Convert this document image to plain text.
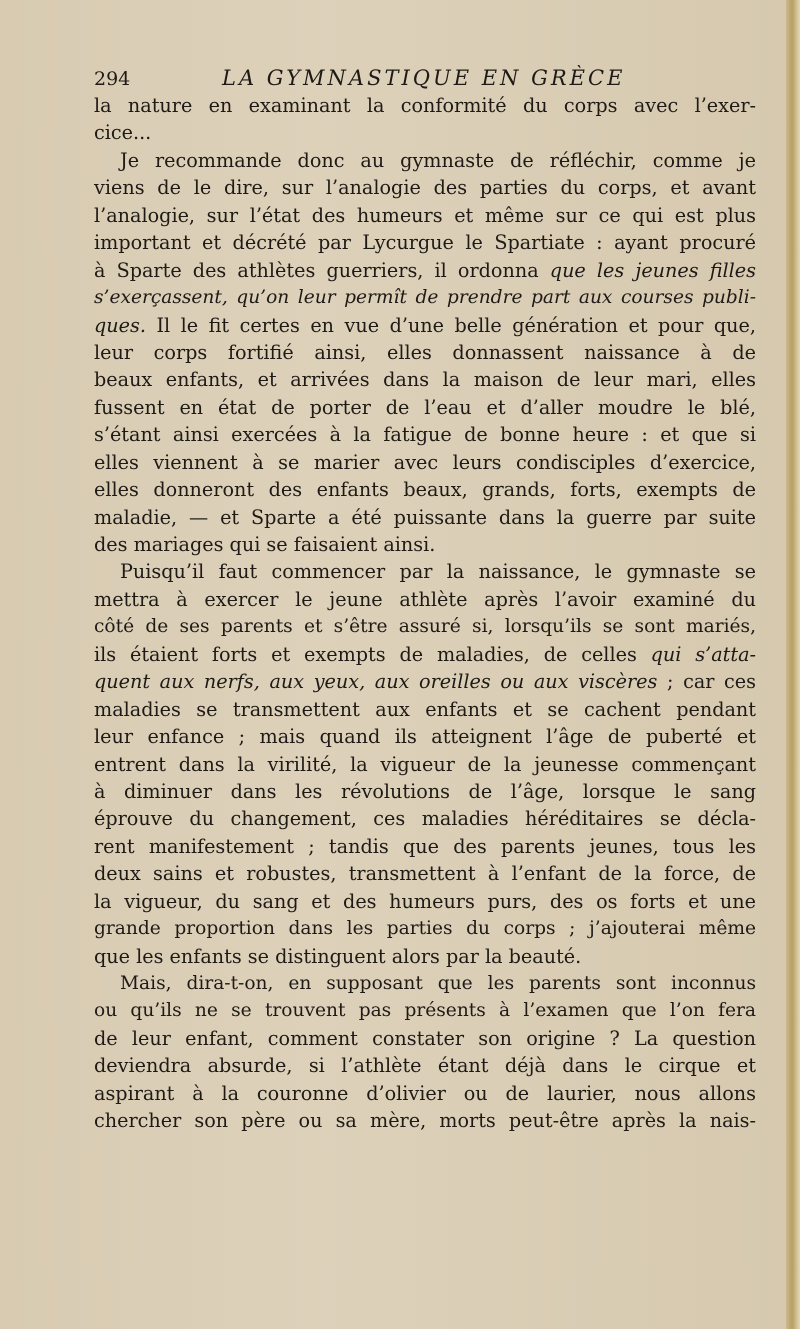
294	LA GYMNASTIQUE EN GRÈCE
la nature en examinant la conformité du corps avec l’exer-
cice...
Je recommande donc au gymnaste de réfléchir, comme je
viens de le dire, sur l’analogie des parties du corps, et avant
l’analogie, sur l’état des humeurs et même sur ce qui est plus
important et décrété par Lycurgue le Spartiate : ayant procuré
à Sparte des athlètes guerriers, il ordonna que les jeunes filles
s’exerçassent, qu’on leur permît de prendre part aux courses publi-
ques. Il le fit certes en vue d’une belle génération et pour que,
leur corps fortifié ainsi, elles donnassent naissance à de
beaux enfants, et arrivées dans la maison de leur mari, elles
fussent en état de porter de l’eau et d’aller moudre le blé,
s’étant ainsi exercées à la fatigue de bonne heure : et que si
elles viennent à se marier avec leurs condisciples d’exercice,
elles donneront des enfants beaux, grands, forts, exempts de
maladie, — et Sparte a été puissante dans la guerre par suite
des mariages qui se faisaient ainsi.
Puisqu’il faut commencer par la naissance, le gymnaste se
mettra à exercer le jeune athlète après l’avoir examiné du
côté de ses parents et s’être assuré si, lorsqu’ils se sont mariés,
ils étaient forts et exempts de maladies, de celles qui s’atta-
quent aux nerfs, aux yeux, aux oreilles ou aux viscères ; car ces
maladies se transmettent aux enfants et se cachent pendant
leur enfance ; mais quand ils atteignent l’âge de puberté et
entrent dans la virilité, la vigueur de la jeunesse commençant
à diminuer dans les révolutions de l’âge, lorsque le sang
éprouve du changement, ces maladies héréditaires se décla-
rent manifestement ; tandis que des parents jeunes, tous les
deux sains et robustes, transmettent à l’enfant de la force, de
la vigueur, du sang et des humeurs purs, des os forts et une
grande proportion dans les parties du corps ; j’ajouterai même
que les enfants se distinguent alors par la beauté.
Mais, dira-t-on, en supposant que les parents sont inconnus
ou qu’ils ne se trouvent pas présents à l’examen que l’on fera
de leur enfant, comment constater son origine ? La question
deviendra absurde, si l’athlète étant déjà dans le cirque et
aspirant à la couronne d’olivier ou de laurier, nous allons
chercher son père ou sa mère, morts peut-être après la nais-
